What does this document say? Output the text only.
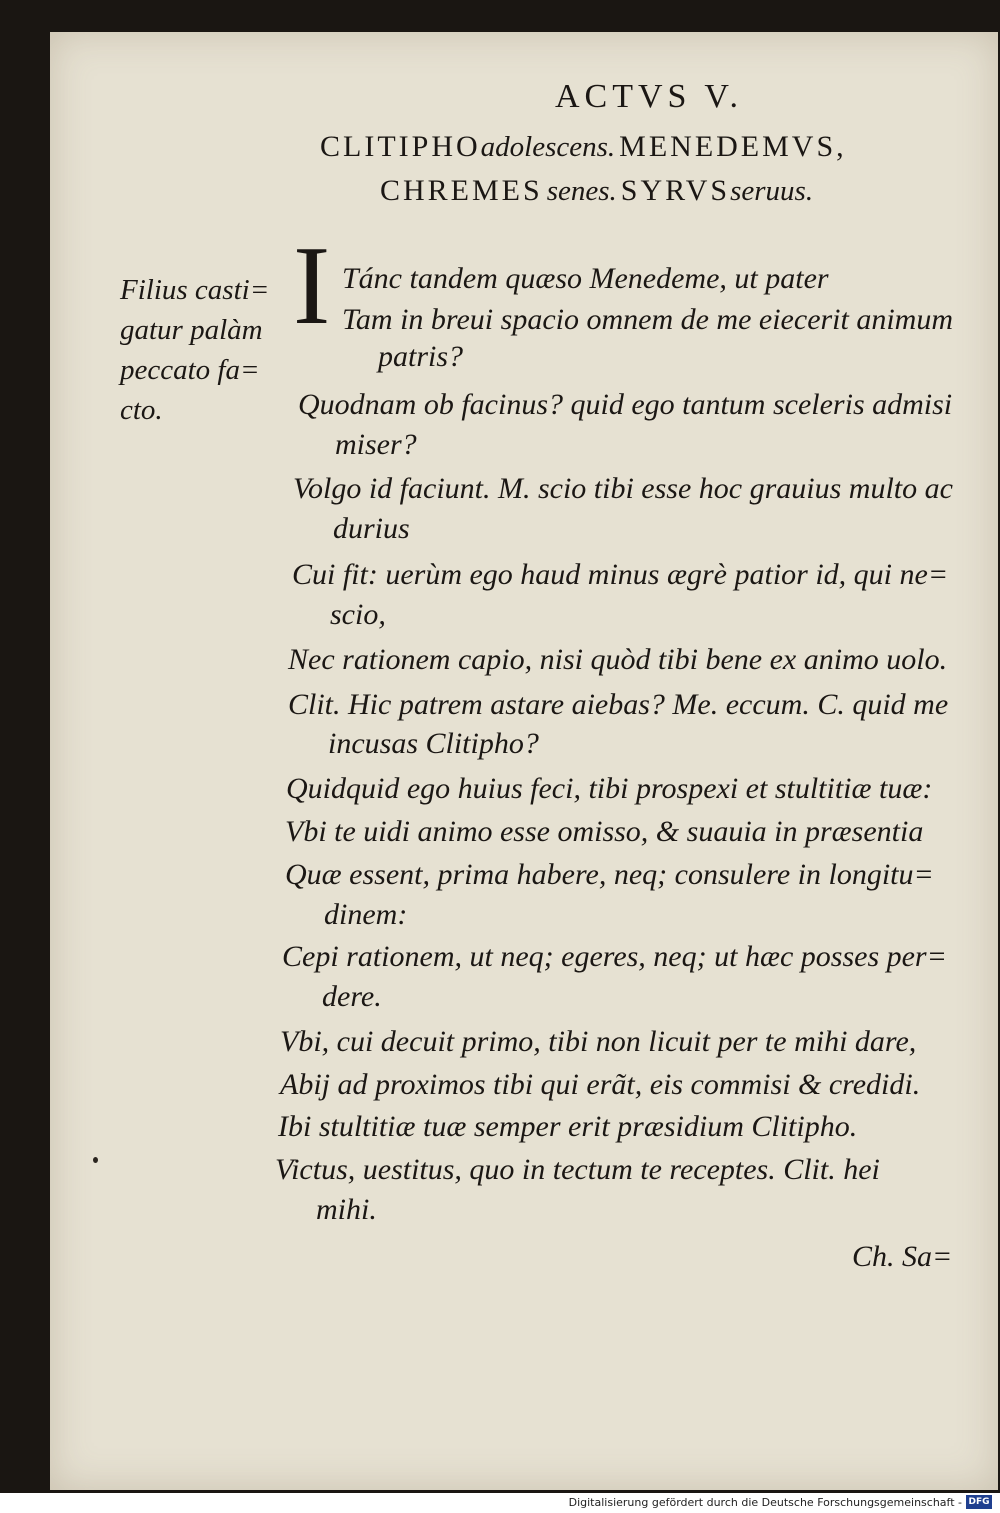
ACTVS V.
CLITIPHOadolescens. MENEDEMVS,
CHREMES senes. SYRVSseruus.
Filius casti=
gatur palàm
peccato fa=
cto.
I Tánc tandem quæso Menedeme, ut pater
Tam in breui spacio omnem de me eiecerit animum
patris?
Quodnam ob facinus? quid ego tantum sceleris admisi
miser?
Volgo id faciunt. M. scio tibi esse hoc grauius multo ac
durius
Cui fit: uerùm ego haud minus ægrè patior id, qui ne=
scio,
Nec rationem capio, nisi quòd tibi bene ex animo uolo.
Clit. Hic patrem astare aiebas? Me. eccum. C. quid me
incusas Clitipho?
Quidquid ego huius feci, tibi prospexi et stultitiæ tuæ:
Vbi te uidi animo esse omisso, & suauia in præsentia
Quæ essent, prima habere, neq; consulere in longitu=
dinem:
Cepi rationem, ut neq; egeres, neq; ut hæc posses per=
dere.
Vbi, cui decuit primo, tibi non licuit per te mihi dare,
Abij ad proximos tibi qui erãt, eis commisi & credidi.
Ibi stultitiæ tuæ semper erit præsidium Clitipho.
Victus, uestitus, quo in tectum te receptes. Clit. hei
mihi.
Ch. Sa=
Digitalisierung gefördert durch die Deutsche Forschungsgemeinschaft - DFG
